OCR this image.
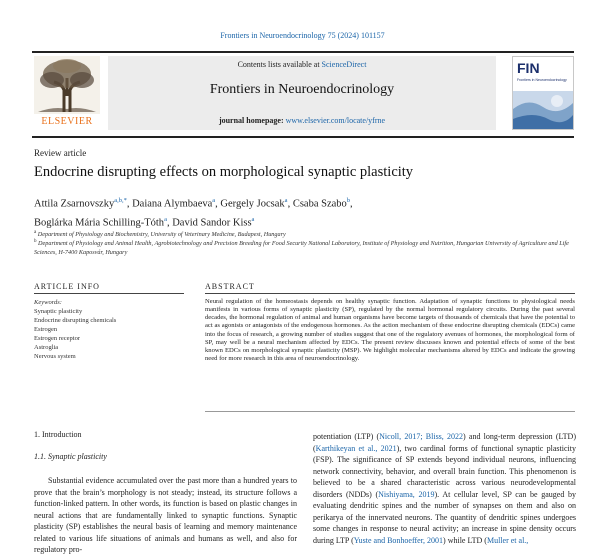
Frontiers in Neuroendocrinology 75 (2024) 101157
ELSEVIER
Contents lists available at ScienceDirect
Frontiers in Neuroendocrinology
journal homepage: www.elsevier.com/locate/yfrne
FIN
Frontiers in Neuroendocrinology
Review article
Endocrine disrupting effects on morphological synaptic plasticity
Attila Zsarnovszky$^{a,b,*}$, Daiana Alymbaeva$^a$, Gergely Jocsak$^a$, Csaba Szabo$^b$,
Boglárka Mária Schilling-Tóth$^a$, David Sandor Kiss$^a$
$^a$ Department of Physiology and Biochemistry, University of Veterinary Medicine, Budapest, Hungary
$^b$ Department of Physiology and Animal Health, Agrobiotechnology and Precision Breeding for Food Security National Laboratory, Institute of Physiology and Nutrition, Hungarian University of Agriculture and Life Sciences, H-7400 Kaposvár, Hungary
ARTICLE INFO	ABSTRACT
Keywords:
Synaptic plasticity
Endocrine disrupting chemicals
Estrogen
Estrogen receptor
Astroglia
Nervous system
Neural regulation of the homeostasis depends on healthy synaptic function. Adaptation of synaptic functions to physiological needs manifests in various forms of synaptic plasticity (SP), regulated by the normal hormonal regulatory circuits. During the past several decades, the hormonal regulation of animal and human organisms have become targets of thousands of chemicals that have the potential to act as agonists or antagonists of the endogenous hormones. As the action mechanism of these endocrine disrupting chemicals (EDCs) came into the focus of research, a growing number of studies suggest that one of the regulatory avenues of hormones, the morphological form of SP, may well be a neural mechanism affected by EDCs. The present review discusses known and potential effects of some of the best known EDCs on morphological synaptic plasticity (MSP). We highlight molecular mechanisms altered by EDCs and indicate the growing need for more research in this area of neuroendocrinology.
1. Introduction
1.1. Synaptic plasticity
Substantial evidence accumulated over the past more than a hundred years to prove that the brain’s morphology is not steady; instead, its structure follows a function-linked pattern. In other words, its function is based on plastic changes in neural actions that are fundamentally linked to synaptic functions. Synaptic plasticity (SP) establishes the neural basis of learning and memory maintenance related to various life situations of animals and humans as well, and also for regulatory pro-
potentiation (LTP) (Nicoll, 2017; Bliss, 2022) and long-term depression (LTD) (Karthikeyan et al., 2021), two cardinal forms of functional synaptic plasticity (FSP). The significance of SP extends beyond individual neurons, influencing network connectivity, behavior, and overall brain function. This phenomenon is believed to be a shared characteristic across various neurodevelopmental disorders (NDDs) (Nishiyama, 2019). At cellular level, SP can be gauged by evaluating dendritic spines and the number of synapses on them and also on perikarya of the innervated neurons. The quantity of dendritic spines undergoes some changes in response to neural activity; an increase in spine density occurs during LTP (Yuste and Bonhoeffer, 2001) while LTD (Muller et al.,
